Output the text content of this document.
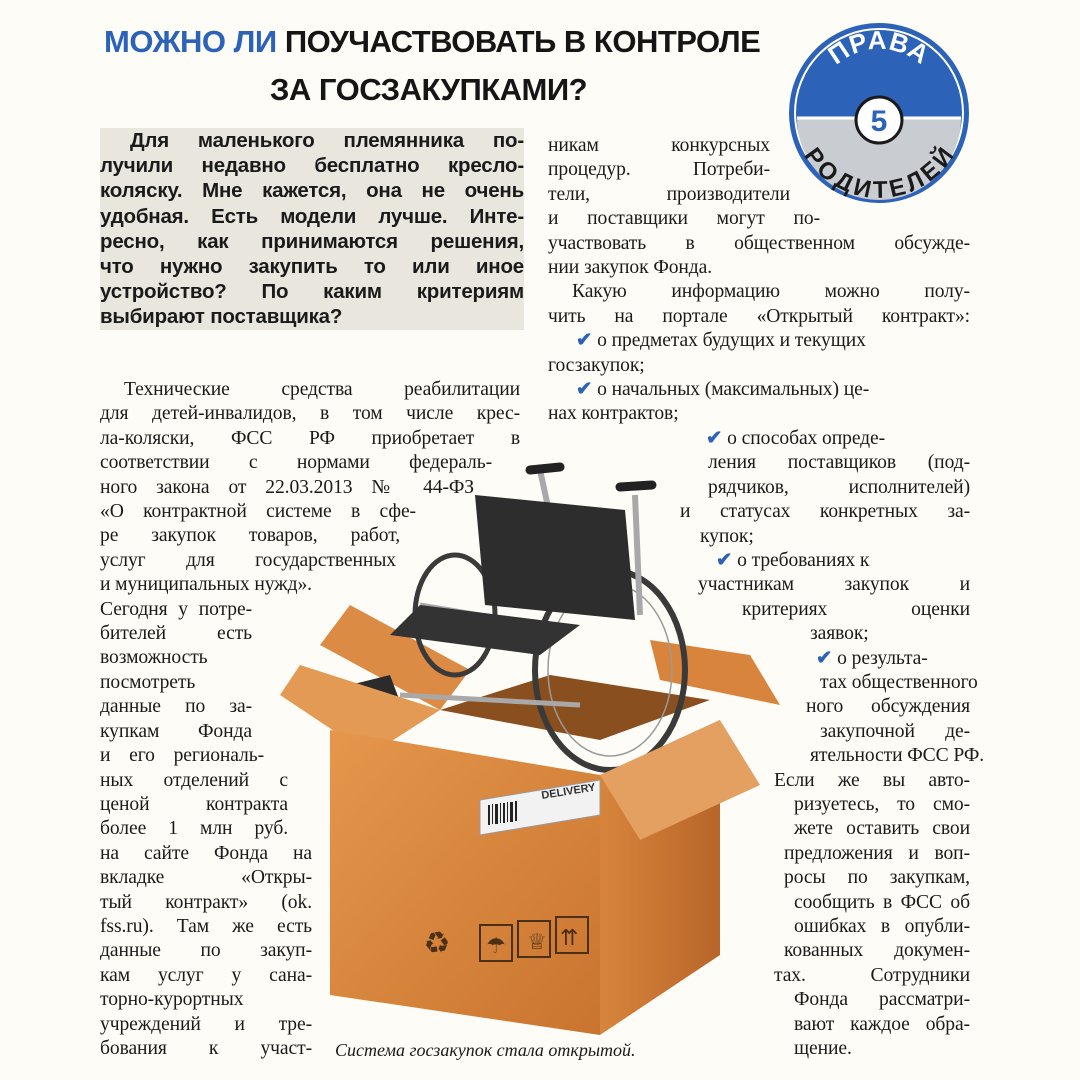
МОЖНО ЛИ ПОУЧАСТВОВАТЬ В КОНТРОЛЕ
ЗА ГОСЗАКУПКАМИ?
ПРАВА
РОДИТЕЛЕЙ
5
Для маленького племянника по-
лучили недавно бесплатно кресло-
коляску. Мне кажется, она не очень
удобная. Есть модели лучше. Инте-
ресно, как принимаются решения,
что нужно закупить то или иное
устройство? По каким критериям
выбирают поставщика?
никам конкурсных
процедур. Потреби-
тели, производители
и поставщики могут по-
участвовать в общественном обсужде-
нии закупок Фонда.
Какую информацию можно полу-
чить на портале «Открытый контракт»:
✔ о предметах будущих и текущих
госзакупок;
✔ о начальных (максимальных) це-
нах контрактов;
✔ о способах опреде-
ления поставщиков (под-
рядчиков, исполнителей)
и статусах конкретных за-
купок;
✔ о требованиях к
участникам закупок и
критериях оценки
заявок;
✔ о результа-
тах общественного
ного обсуждения
закупочной де-
ятельности ФСС РФ.
Если же вы авто-
ризуетесь, то смо-
жете оставить свои
предложения и воп-
росы по закупкам,
сообщить в ФСС об
ошибках в опубли-
кованных докумен-
тах. Сотрудники
Фонда рассматри-
вают каждое обра-
щение.
DELIVERY
♻ ☂ ♕ ⇈
Технические средства реабилитации
для детей-инвалидов, в том числе крес-
ла-коляски, ФСС РФ приобретает в
соответствии с нормами федераль-
ного закона от 22.03.2013 № 44-ФЗ
«О контрактной системе в сфе-
ре закупок товаров, работ,
услуг для государственных
и муниципальных нужд».
Сегодня у потре-
бителей есть
возможность
посмотреть
данные по за-
купкам Фонда
и его региональ-
ных отделений с
ценой контракта
более 1 млн руб.
на сайте Фонда на
вкладке «Откры-
тый контракт» (ok.
fss.ru). Там же есть
данные по закуп-
кам услуг у сана-
торно-курортных
учреждений и тре-
бования к участ- Система госзакупок стала открытой.
